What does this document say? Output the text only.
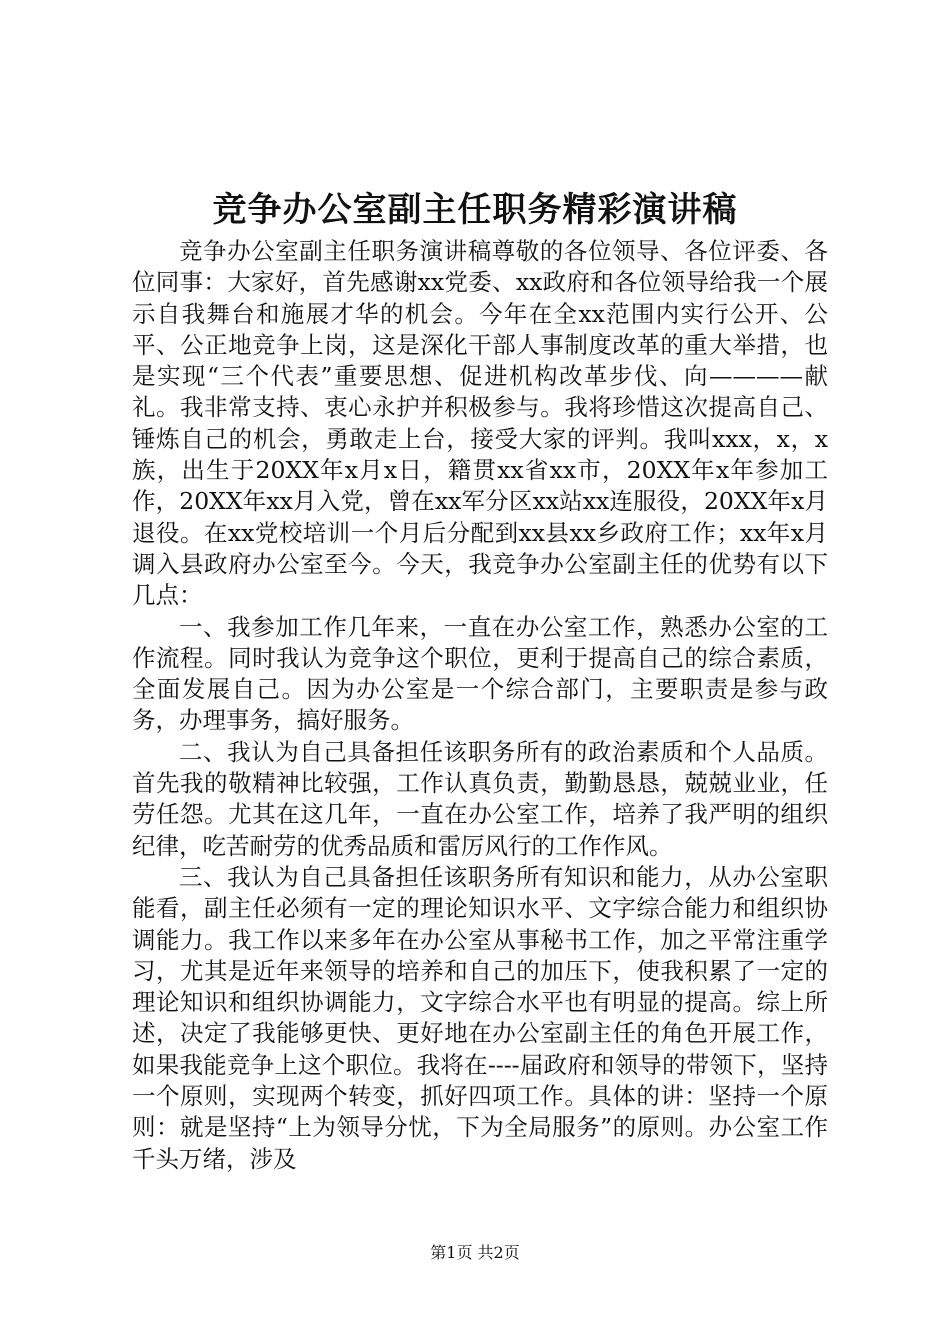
竞争办公室副主任职务精彩演讲稿

竞争办公室副主任职务演讲稿尊敬的各位领导、各位评委、各位同事：大家好，首先感谢xx党委、xx政府和各位领导给我一个展示自我舞台和施展才华的机会。今年在全xx范围内实行公开、公平、公正地竞争上岗，这是深化干部人事制度改革的重大举措，也是实现“三个代表”重要思想、促进机构改革步伐、向————献礼。我非常支持、衷心永护并积极参与。我将珍惜这次提高自己、锤炼自己的机会，勇敢走上台，接受大家的评判。我叫xxx，x，x族，出生于20XX年x月x日，籍贯xx省xx市，20XX年x年参加工作，20XX年xx月入党，曾在xx军分区xx站xx连服役，20XX年x月退役。在xx党校培训一个月后分配到xx县xx乡政府工作；xx年x月调入县政府办公室至今。今天，我竞争办公室副主任的优势有以下几点：

一、我参加工作几年来，一直在办公室工作，熟悉办公室的工作流程。同时我认为竞争这个职位，更利于提高自己的综合素质，全面发展自己。因为办公室是一个综合部门，主要职责是参与政务，办理事务，搞好服务。

二、我认为自己具备担任该职务所有的政治素质和个人品质。首先我的敬精神比较强，工作认真负责，勤勤恳恳，兢兢业业，任劳任怨。尤其在这几年，一直在办公室工作，培养了我严明的组织纪律，吃苦耐劳的优秀品质和雷厉风行的工作作风。

三、我认为自己具备担任该职务所有知识和能力，从办公室职能看，副主任必须有一定的理论知识水平、文字综合能力和组织协调能力。我工作以来多年在办公室从事秘书工作，加之平常注重学习，尤其是近年来领导的培养和自己的加压下，使我积累了一定的理论知识和组织协调能力，文字综合水平也有明显的提高。综上所述，决定了我能够更快、更好地在办公室副主任的角色开展工作，如果我能竞争上这个职位。我将在----届政府和领导的带领下，坚持一个原则，实现两个转变，抓好四项工作。具体的讲：坚持一个原则：就是坚持“上为领导分忧，下为全局服务”的原则。办公室工作千头万绪，涉及

第1页 共2页
